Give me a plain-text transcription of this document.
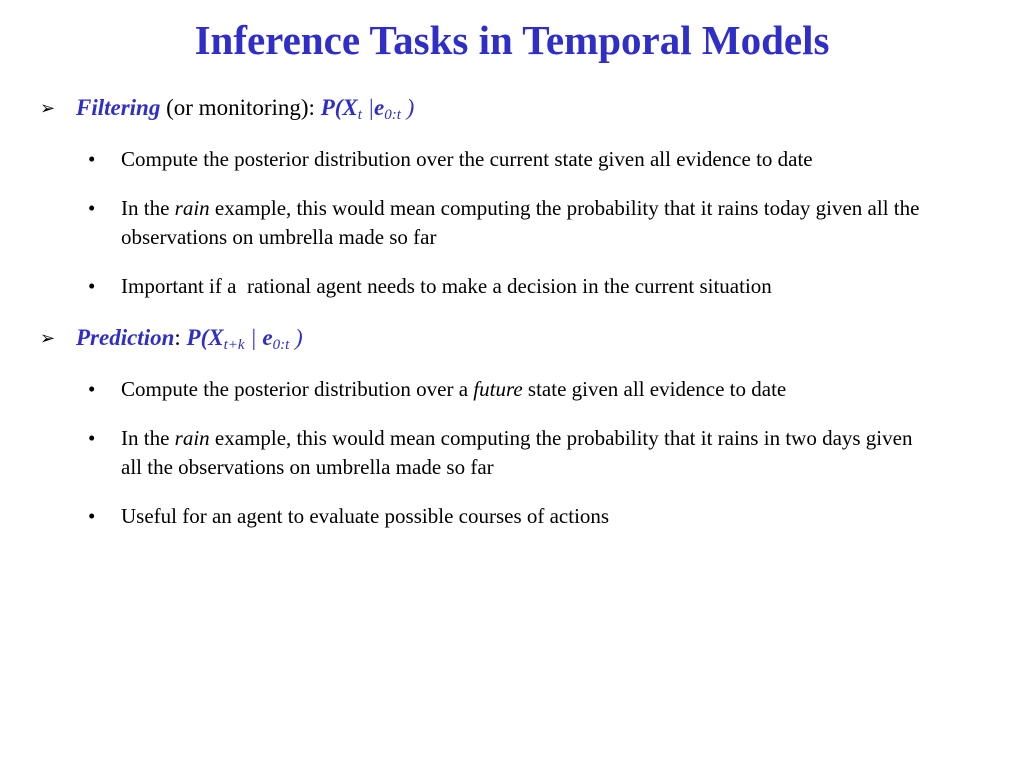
Inference Tasks in Temporal Models
➢ Filtering (or monitoring): $P(X_t$ $|e_{0:t}$ )
• Compute the posterior distribution over the current state given all evidence to date
• In the rain example, this would mean computing the probability that it rains today given all the observations on umbrella made so far
• Important if a  rational agent needs to make a decision in the current situation
➢ Prediction: $P(X_{t+k}$ | $e_{0:t}$ )
• Compute the posterior distribution over a future state given all evidence to date
• In the rain example, this would mean computing the probability that it rains in two days given all the observations on umbrella made so far
• Useful for an agent to evaluate possible courses of actions
